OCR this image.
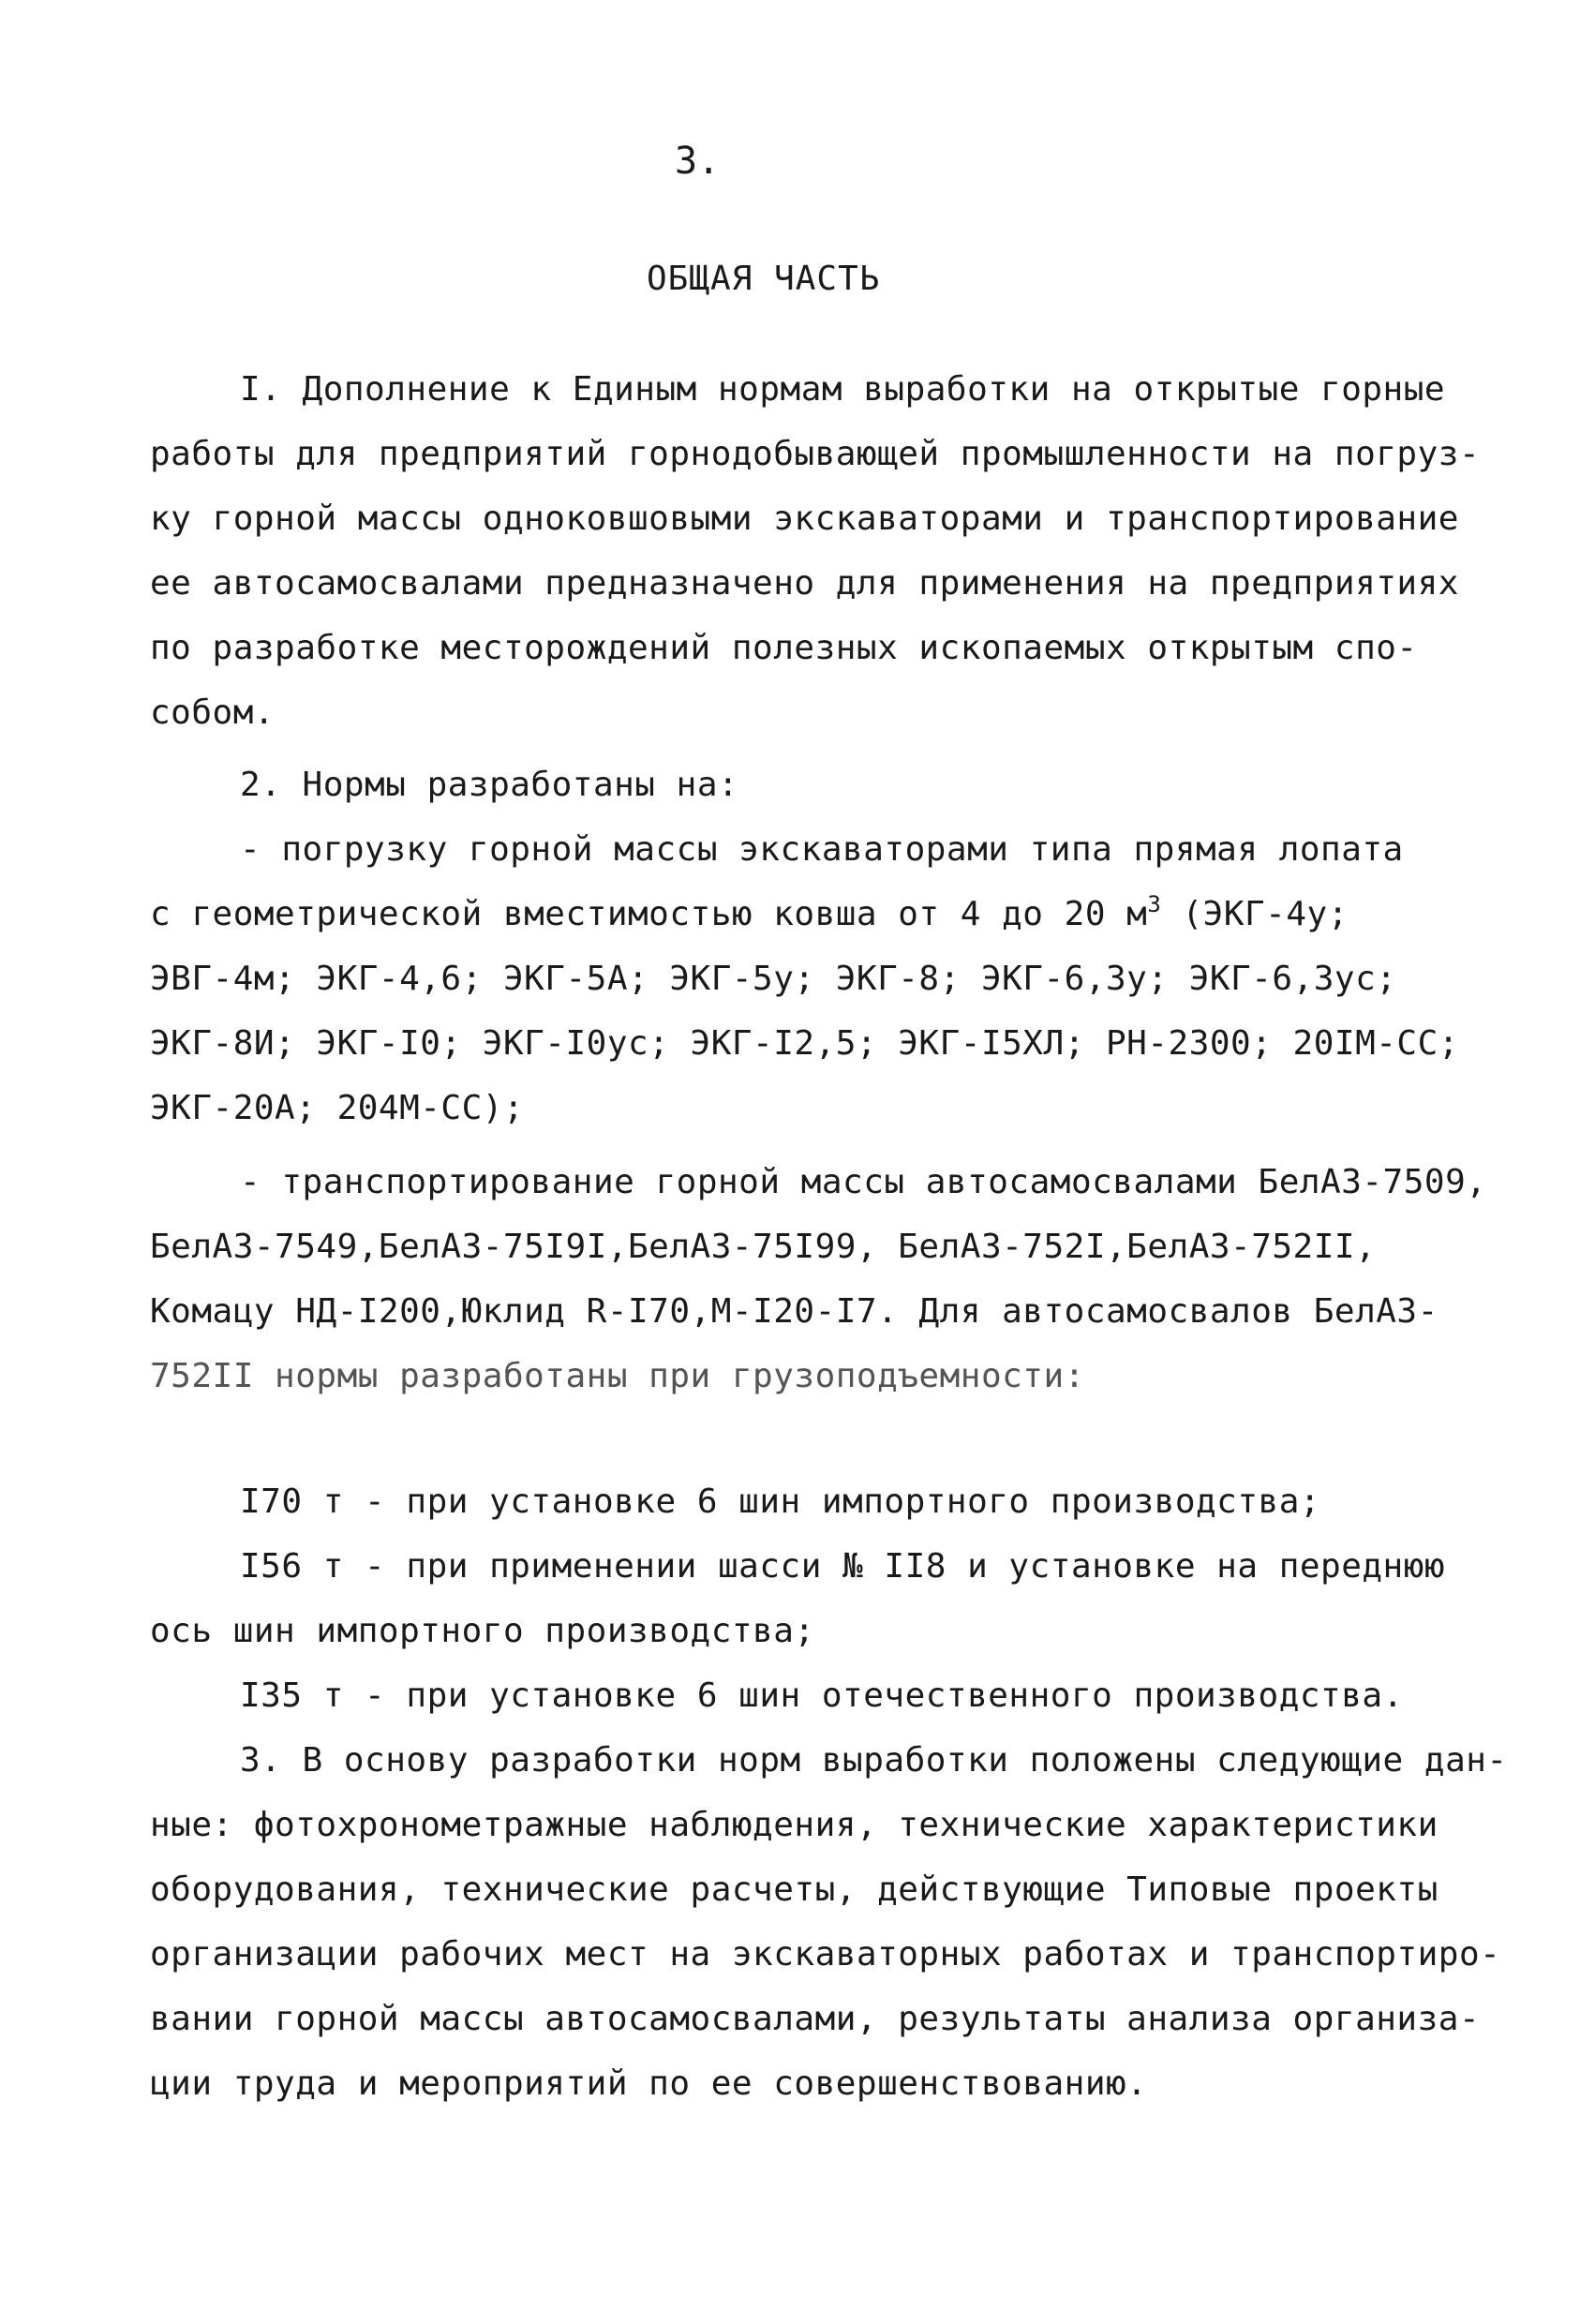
3.
ОБЩАЯ ЧАСТЬ
I. Дополнение к Единым нормам выработки на открытые горные
работы для предприятий горнодобывающей промышленности на погруз-
ку горной массы одноковшовыми экскаваторами и транспортирование
ее автосамосвалами предназначено для применения на предприятиях
по разработке месторождений полезных ископаемых открытым спо-
собом.
2. Нормы разработаны на:
- погрузку горной массы экскаваторами типа прямая лопата
с геометрической вместимостью ковша от 4 до 20 $м^3$ (ЭКГ-4у;
ЭВГ-4м; ЭКГ-4,6; ЭКГ-5А; ЭКГ-5у; ЭКГ-8; ЭКГ-6,3у; ЭКГ-6,3ус;
ЭКГ-8И; ЭКГ-I0; ЭКГ-I0ус; ЭКГ-I2,5; ЭКГ-I5ХЛ; РН-2300; 20IМ-СС;
ЭКГ-20А; 204М-СС);
- транспортирование горной массы автосамосвалами БелАЗ-7509,
БелАЗ-7549,БелАЗ-75I9I,БелАЗ-75I99, БелАЗ-752I,БелАЗ-752II,
Комацу НД-I200,Юклид R-I70,М-I20-I7. Для автосамосвалов БелАЗ-
752II нормы разработаны при грузоподъемности:
I70 т - при установке 6 шин импортного производства;
I56 т - при применении шасси № II8 и установке на переднюю
ось шин импортного производства;
I35 т - при установке 6 шин отечественного производства.
3. В основу разработки норм выработки положены следующие дан-
ные: фотохронометражные наблюдения, технические характеристики
оборудования, технические расчеты, действующие Типовые проекты
организации рабочих мест на экскаваторных работах и транспортиро-
вании горной массы автосамосвалами, результаты анализа организа-
ции труда и мероприятий по ее совершенствованию.
